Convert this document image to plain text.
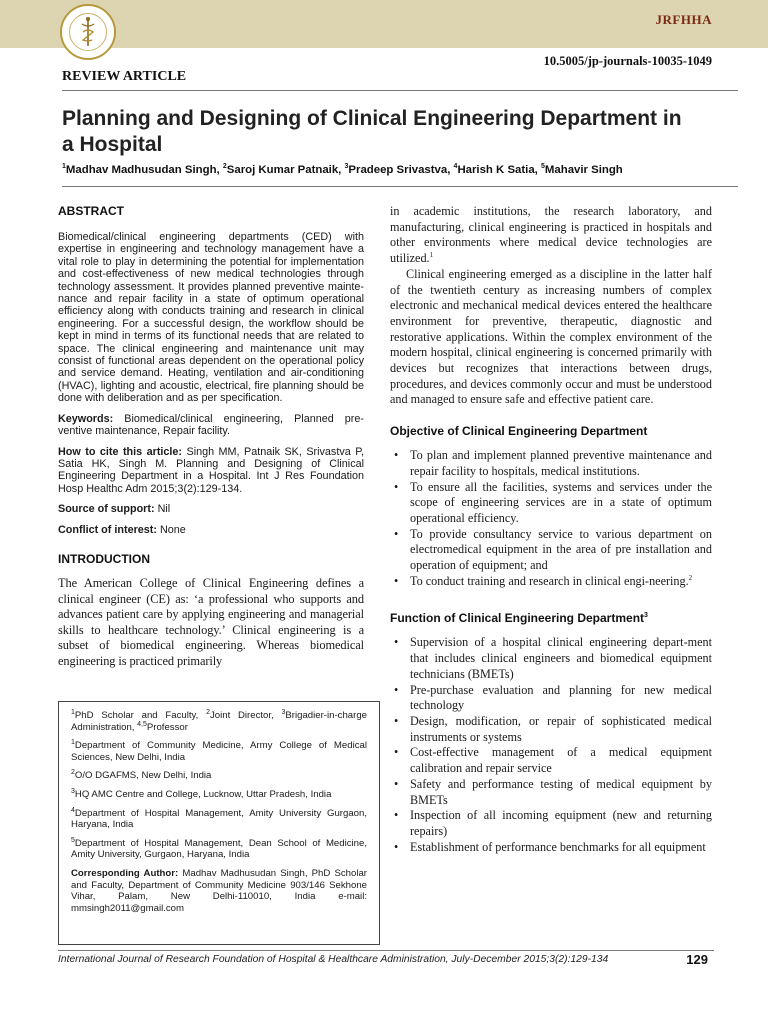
JRFHHA
10.5005/jp-journals-10035-1049
REVIEW ARTICLE
Planning and Designing of Clinical Engineering Department in a Hospital
$^1$Madhav Madhusudan Singh, $^2$Saroj Kumar Patnaik, $^3$Pradeep Srivastva, $^4$Harish K Satia, $^5$Mahavir Singh
ABSTRACT

Biomedical/clinical engineering departments (CED) with expertise in engineering and technology management have a vital role to play in determining the potential for implementation and cost-effectiveness of new medical technologies through technology assessment. It provides planned preventive mainte-nance and repair facility in a state of optimum operational efficiency along with conducts training and research in clinical engineering. For a successful design, the workflow should be kept in mind in terms of its functional needs that are related to space. The clinical engineering and maintenance unit may consist of functional areas dependent on the operational policy and service demand. Heating, ventilation and air-conditioning (HVAC), lighting and acoustic, electrical, fire planning should be done with deliberation and as per specification.

Keywords: Biomedical/clinical engineering, Planned pre-ventive maintenance, Repair facility.

How to cite this article: Singh MM, Patnaik SK, Srivastva P, Satia HK, Singh M. Planning and Designing of Clinical Engineering Department in a Hospital. Int J Res Foundation Hosp Healthc Adm 2015;3(2):129-134.

Source of support: Nil

Conflict of interest: None

INTRODUCTION

The American College of Clinical Engineering defines a clinical engineer (CE) as: ‘a professional who supports and advances patient care by applying engineering and managerial skills to healthcare technology.’ Clinical engineering is a subset of biomedical engineering. Whereas biomedical engineering is practiced primarily

$^1$PhD Scholar and Faculty, $^2$Joint Director, $^3$Brigadier-in-charge Administration, $^{4,5}$Professor

$^1$Department of Community Medicine, Army College of Medical Sciences, New Delhi, India

$^2$O/O DGAFMS, New Delhi, India

$^3$HQ AMC Centre and College, Lucknow, Uttar Pradesh, India

$^4$Department of Hospital Management, Amity University Gurgaon, Haryana, India

$^5$Department of Hospital Management, Dean School of Medicine, Amity University, Gurgaon, Haryana, India

Corresponding Author: Madhav Madhusudan Singh, PhD Scholar and Faculty, Department of Community Medicine 903/146 Sekhone Vihar, Palam, New Delhi-110010, India e-mail: mmsingh2011@gmail.com

in academic institutions, the research laboratory, and manufacturing, clinical engineering is practiced in hospitals and other environments where medical device technologies are utilized.$^1$

Clinical engineering emerged as a discipline in the latter half of the twentieth century as increasing numbers of complex electronic and mechanical medical devices entered the healthcare environment for preventive, therapeutic, diagnostic and restorative applications. Within the complex environment of the modern hospital, clinical engineering is concerned primarily with devices but recognizes that interactions between drugs, procedures, and devices commonly occur and must be understood and managed to ensure safe and effective patient care.

Objective of Clinical Engineering Department
• To plan and implement planned preventive maintenance and repair facility to hospitals, medical institutions.
• To ensure all the facilities, systems and services under the scope of engineering services are in a state of optimum operational efficiency.
• To provide consultancy service to various department on electromedical equipment in the area of pre installation and operation of equipment; and
• To conduct training and research in clinical engi-neering.$^2$
Function of Clinical Engineering Department$^3$
• Supervision of a hospital clinical engineering depart-ment that includes clinical engineers and biomedical equipment technicians (BMETs)
• Pre-purchase evaluation and planning for new medical technology
• Design, modification, or repair of sophisticated medical instruments or systems
• Cost-effective management of a medical equipment calibration and repair service
• Safety and performance testing of medical equipment by BMETs
• Inspection of all incoming equipment (new and returning repairs)
• Establishment of performance benchmarks for all equipment
International Journal of Research Foundation of Hospital & Healthcare Administration, July-December 2015;3(2):129-134	129
